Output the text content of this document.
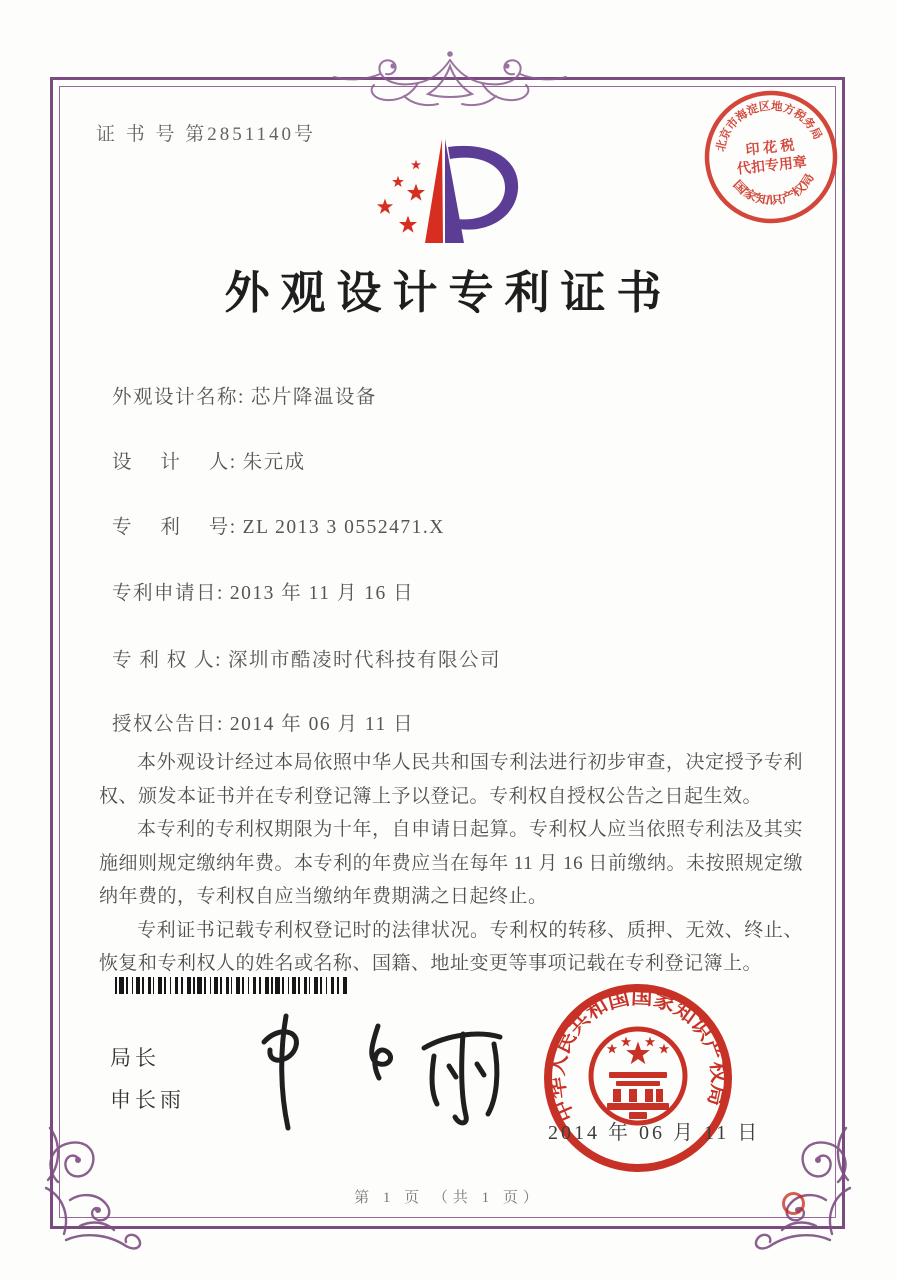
证 书 号 第2851140号
北京市海淀区地方税务局
国家知识产权局
印 花 税
代扣专用章
外观设计专利证书
外观设计名称: 芯片降温设备
设　 计　 人: 朱元成
专　 利　 号: ZL 2013 3 0552471.X
专利申请日: 2013 年 11 月 16 日
专 利 权 人: 深圳市酷凌时代科技有限公司
授权公告日: 2014 年 06 月 11 日

本外观设计经过本局依照中华人民共和国专利法进行初步审查，决定授予专利权、颁发本证书并在专利登记簿上予以登记。专利权自授权公告之日起生效。

本专利的专利权期限为十年，自申请日起算。专利权人应当依照专利法及其实施细则规定缴纳年费。本专利的年费应当在每年 11 月 16 日前缴纳。未按照规定缴纳年费的，专利权自应当缴纳年费期满之日起终止。

专利证书记载专利权登记时的法律状况。专利权的转移、质押、无效、终止、恢复和专利权人的姓名或名称、国籍、地址变更等事项记载在专利登记簿上。

局长
申长雨	中华人民共和国国家知识产权局
2014 年 06 月 11 日
第 1 页 （共 1 页）
